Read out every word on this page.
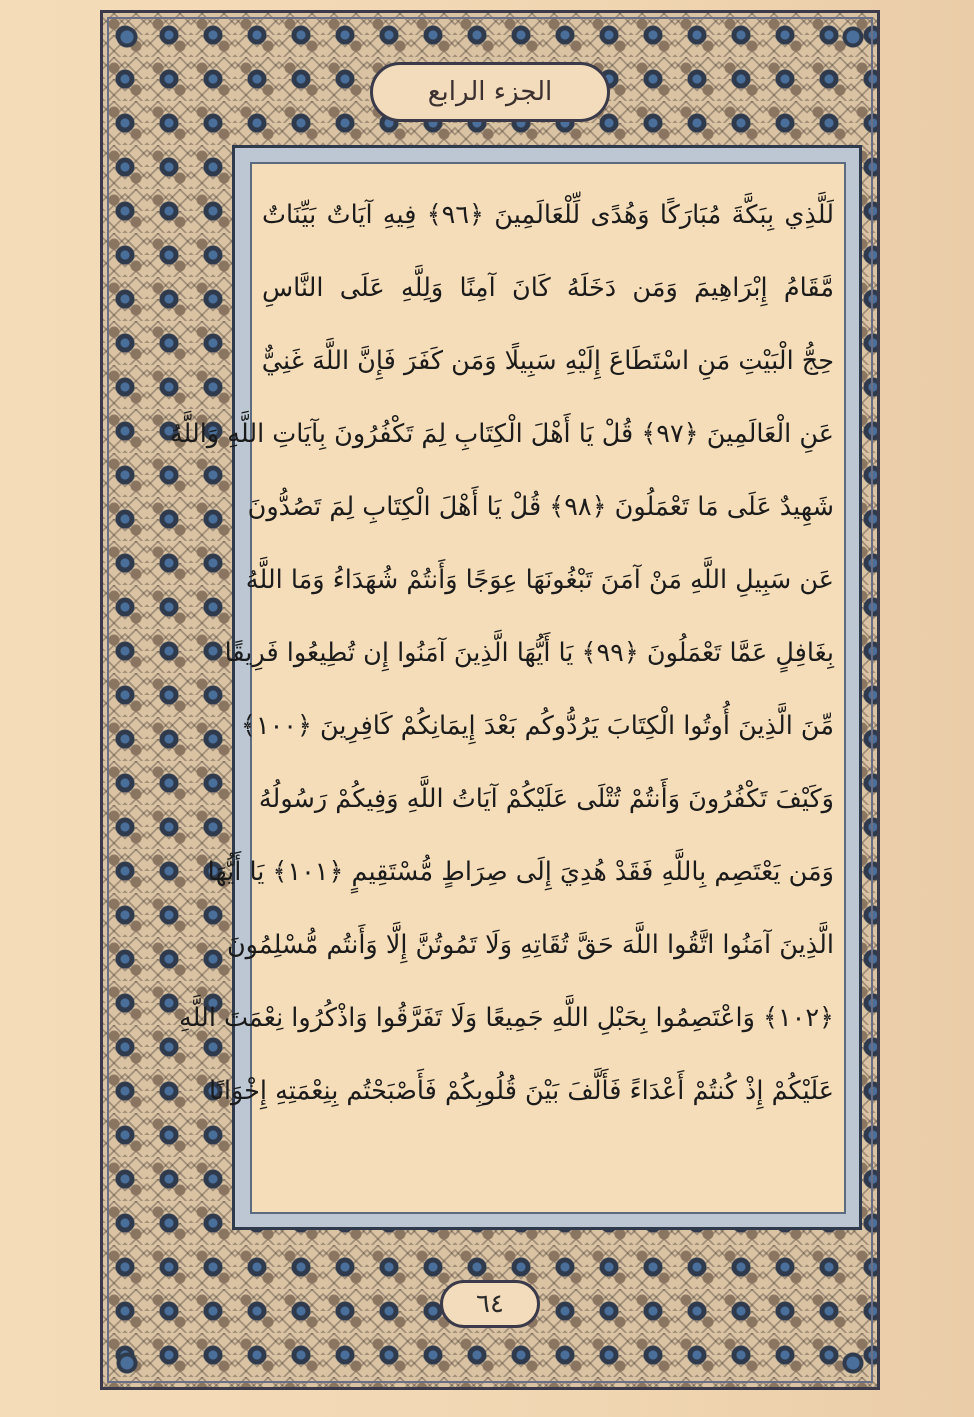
الجزء الرابع
لَلَّذِي بِبَكَّةَ مُبَارَكًا وَهُدًى لِّلْعَالَمِينَ ﴿٩٦﴾ فِيهِ آيَاتٌ بَيِّنَاتٌ
مَّقَامُ إِبْرَاهِيمَ وَمَن دَخَلَهُ كَانَ آمِنًا وَلِلَّهِ عَلَى النَّاسِ
حِجُّ الْبَيْتِ مَنِ اسْتَطَاعَ إِلَيْهِ سَبِيلًا وَمَن كَفَرَ فَإِنَّ اللَّهَ غَنِيٌّ
عَنِ الْعَالَمِينَ ﴿٩٧﴾ قُلْ يَا أَهْلَ الْكِتَابِ لِمَ تَكْفُرُونَ بِآيَاتِ اللَّهِ وَاللَّهُ
شَهِيدٌ عَلَى مَا تَعْمَلُونَ ﴿٩٨﴾ قُلْ يَا أَهْلَ الْكِتَابِ لِمَ تَصُدُّونَ
عَن سَبِيلِ اللَّهِ مَنْ آمَنَ تَبْغُونَهَا عِوَجًا وَأَنتُمْ شُهَدَاءُ وَمَا اللَّهُ
بِغَافِلٍ عَمَّا تَعْمَلُونَ ﴿٩٩﴾ يَا أَيُّهَا الَّذِينَ آمَنُوا إِن تُطِيعُوا فَرِيقًا
مِّنَ الَّذِينَ أُوتُوا الْكِتَابَ يَرُدُّوكُم بَعْدَ إِيمَانِكُمْ كَافِرِينَ ﴿١٠٠﴾
وَكَيْفَ تَكْفُرُونَ وَأَنتُمْ تُتْلَى عَلَيْكُمْ آيَاتُ اللَّهِ وَفِيكُمْ رَسُولُهُ
وَمَن يَعْتَصِم بِاللَّهِ فَقَدْ هُدِيَ إِلَى صِرَاطٍ مُّسْتَقِيمٍ ﴿١٠١﴾ يَا أَيُّهَا
الَّذِينَ آمَنُوا اتَّقُوا اللَّهَ حَقَّ تُقَاتِهِ وَلَا تَمُوتُنَّ إِلَّا وَأَنتُم مُّسْلِمُونَ
﴿١٠٢﴾ وَاعْتَصِمُوا بِحَبْلِ اللَّهِ جَمِيعًا وَلَا تَفَرَّقُوا وَاذْكُرُوا نِعْمَتَ اللَّهِ
عَلَيْكُمْ إِذْ كُنتُمْ أَعْدَاءً فَأَلَّفَ بَيْنَ قُلُوبِكُمْ فَأَصْبَحْتُم بِنِعْمَتِهِ إِخْوَانًا
٦٤
